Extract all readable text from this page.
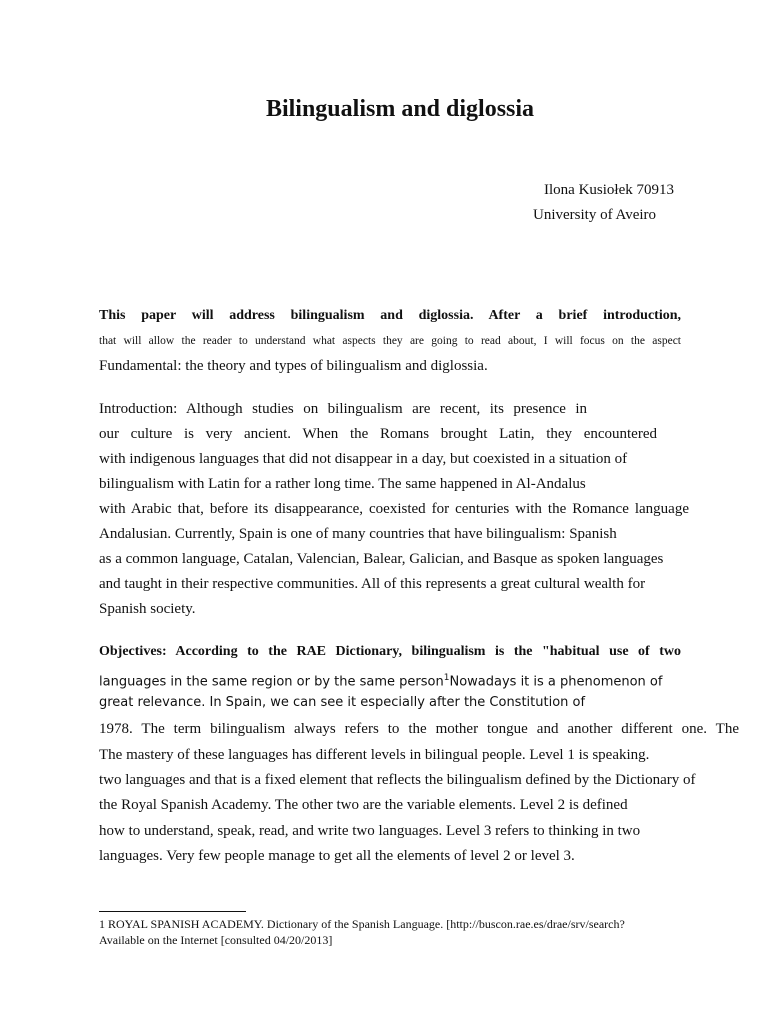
Bilingualism and diglossia
Ilona Kusiołek 70913
University of Aveiro
This paper will address bilingualism and diglossia. After a brief introduction,
that will allow the reader to understand what aspects they are going to read about, I will focus on the aspect
Fundamental: the theory and types of bilingualism and diglossia.
Introduction: Although studies on bilingualism are recent, its presence in
our culture is very ancient. When the Romans brought Latin, they encountered
with indigenous languages that did not disappear in a day, but coexisted in a situation of
bilingualism with Latin for a rather long time. The same happened in Al-Andalus
with Arabic that, before its disappearance, coexisted for centuries with the Romance language
Andalusian. Currently, Spain is one of many countries that have bilingualism: Spanish
as a common language, Catalan, Valencian, Balear, Galician, and Basque as spoken languages
and taught in their respective communities. All of this represents a great cultural wealth for
Spanish society.
Objectives: According to the RAE Dictionary, bilingualism is the "habitual use of two
languages in the same region or by the same person$^1$Nowadays it is a phenomenon of
great relevance. In Spain, we can see it especially after the Constitution of
1978. The term bilingualism always refers to the mother tongue and another different one. The
The mastery of these languages has different levels in bilingual people. Level 1 is speaking.
two languages and that is a fixed element that reflects the bilingualism defined by the Dictionary of
the Royal Spanish Academy. The other two are the variable elements. Level 2 is defined
how to understand, speak, read, and write two languages. Level 3 refers to thinking in two
languages. Very few people manage to get all the elements of level 2 or level 3.
1 ROYAL SPANISH ACADEMY. Dictionary of the Spanish Language. [http://buscon.rae.es/drae/srv/search?
Available on the Internet [consulted 04/20/2013]
